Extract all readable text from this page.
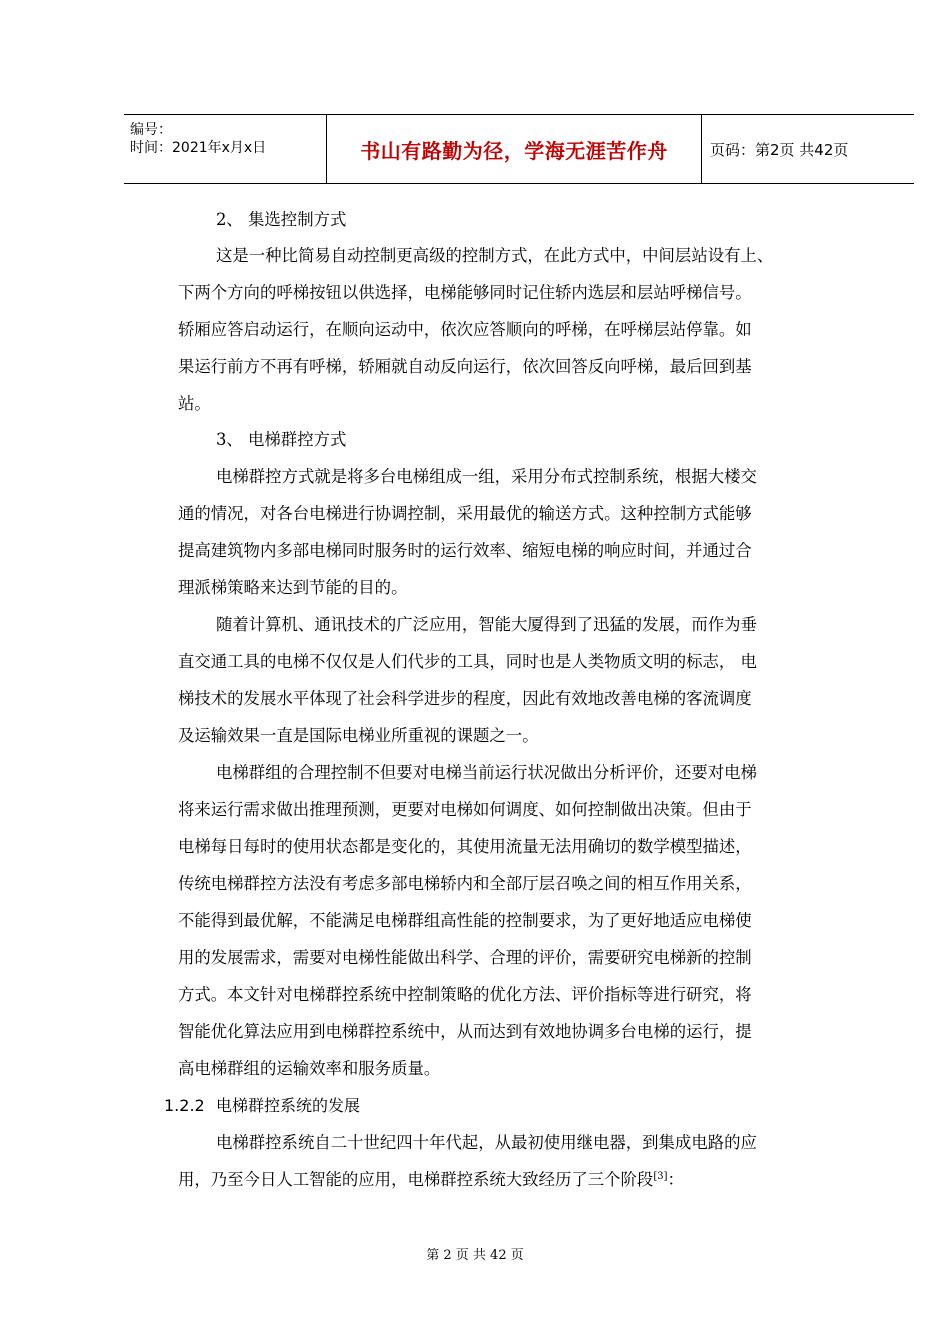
编号：
时间：2021年x月x日	书山有路勤为径，学海无涯苦作舟	页码：第2页 共42页
2、 集选控制方式
这是一种比简易自动控制更高级的控制方式，在此方式中，中间层站设有上、
下两个方向的呼梯按钮以供选择，电梯能够同时记住轿内选层和层站呼梯信号。
轿厢应答启动运行，在顺向运动中，依次应答顺向的呼梯，在呼梯层站停靠。如
果运行前方不再有呼梯，轿厢就自动反向运行，依次回答反向呼梯，最后回到基
站。
3、 电梯群控方式
电梯群控方式就是将多台电梯组成一组，采用分布式控制系统，根据大楼交
通的情况，对各台电梯进行协调控制，采用最优的输送方式。这种控制方式能够
提高建筑物内多部电梯同时服务时的运行效率、缩短电梯的响应时间，并通过合
理派梯策略来达到节能的目的。
随着计算机、通讯技术的广泛应用，智能大厦得到了迅猛的发展，而作为垂
直交通工具的电梯不仅仅是人们代步的工具，同时也是人类物质文明的标志， 电
梯技术的发展水平体现了社会科学进步的程度，因此有效地改善电梯的客流调度
及运输效果一直是国际电梯业所重视的课题之一。
电梯群组的合理控制不但要对电梯当前运行状况做出分析评价，还要对电梯
将来运行需求做出推理预测，更要对电梯如何调度、如何控制做出决策。但由于
电梯每日每时的使用状态都是变化的，其使用流量无法用确切的数学模型描述，
传统电梯群控方法没有考虑多部电梯轿内和全部厅层召唤之间的相互作用关系，
不能得到最优解，不能满足电梯群组高性能的控制要求，为了更好地适应电梯使
用的发展需求，需要对电梯性能做出科学、合理的评价，需要研究电梯新的控制
方式。本文针对电梯群控系统中控制策略的优化方法、评价指标等进行研究，将
智能优化算法应用到电梯群控系统中，从而达到有效地协调多台电梯的运行，提
高电梯群组的运输效率和服务质量。
1.2.2 电梯群控系统的发展
电梯群控系统自二十世纪四十年代起，从最初使用继电器，到集成电路的应
用，乃至今日人工智能的应用，电梯群控系统大致经历了三个阶段[3]：
第 2 页 共 42 页
